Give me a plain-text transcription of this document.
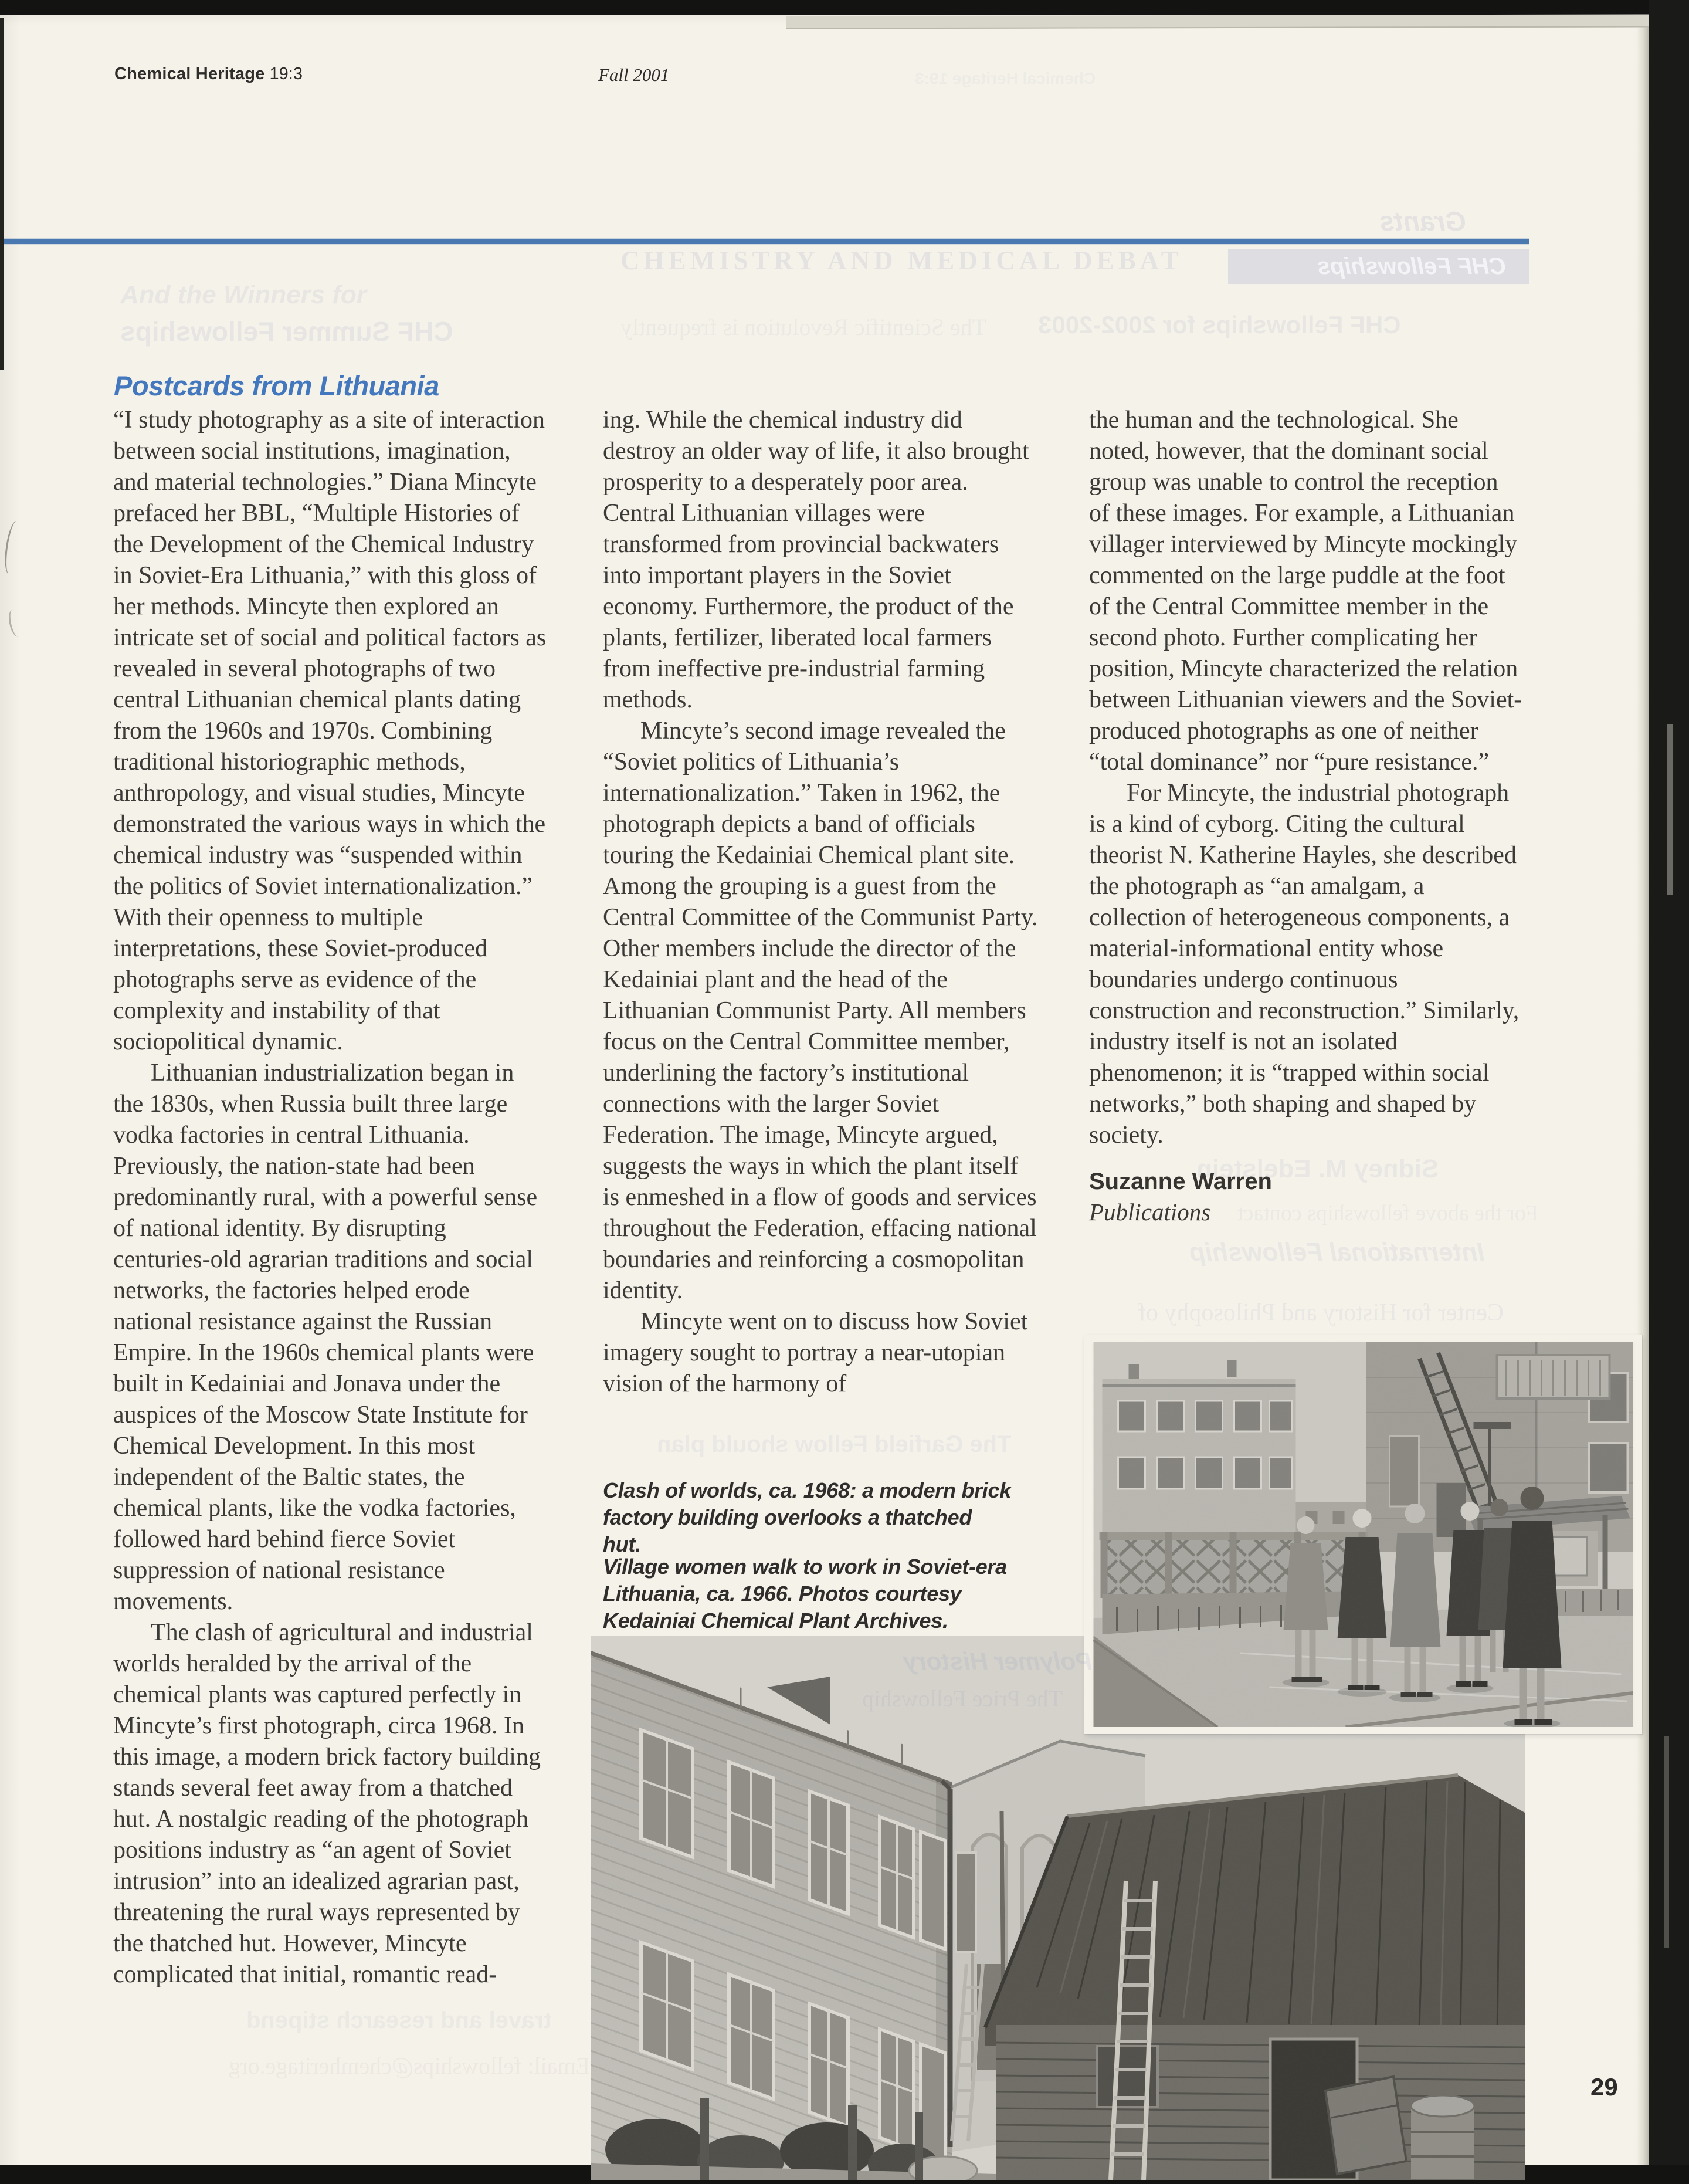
Chemical Heritage 19:3	Fall 2001	Chemical Heritage 19:3
And the Winners for
CHF Summer Fellowships
Grants
CHEMISTRY AND MEDICAL DEBAT	CHF Fellowships
CHF Fellowships for 2002-2003
The Scientific Revolution is frequently
Postcards from Lithuania

“I study photography as a site of interaction between social institutions, imagination, and material technologies.” Diana Mincyte prefaced her BBL, “Multiple Histories of the Development of the Chemical Industry in Soviet-Era Lithuania,” with this gloss of her methods. Mincyte then explored an intricate set of social and political factors as revealed in several photographs of two central Lithuanian chemical plants dating from the 1960s and 1970s. Combining traditional historiographic methods, anthropology, and visual studies, Mincyte demonstrated the various ways in which the chemical industry was “suspended within the politics of Soviet internationalization.” With their openness to multiple interpretations, these Soviet-produced photographs serve as evidence of the complexity and instability of that sociopolitical dynamic.

Lithuanian industrialization began in the 1830s, when Russia built three large vodka factories in central Lithuania. Previously, the nation-state had been predominantly rural, with a powerful sense of national identity. By disrupting centuries-old agrarian traditions and social networks, the factories helped erode national resistance against the Russian Empire. In the 1960s chemical plants were built in Kedainiai and Jonava under the auspices of the Moscow State Institute for Chemical Development. In this most independent of the Baltic states, the chemical plants, like the vodka factories, followed hard behind fierce Soviet suppression of national resistance movements.

The clash of agricultural and industrial worlds heralded by the arrival of the chemical plants was captured perfectly in Mincyte’s first photograph, circa 1968. In this image, a modern brick factory building stands several feet away from a thatched hut. A nostalgic reading of the photograph positions industry as “an agent of Soviet intrusion” into an idealized agrarian past, threatening the rural ways represented by the thatched hut. However, Mincyte complicated that initial, romantic read-

ing. While the chemical industry did destroy an older way of life, it also brought prosperity to a desperately poor area. Central Lithuanian villages were transformed from provincial backwaters into important players in the Soviet economy. Furthermore, the product of the plants, fertilizer, liberated local farmers from ineffective pre-industrial farming methods.

Mincyte’s second image revealed the “Soviet politics of Lithuania’s internationalization.” Taken in 1962, the photograph depicts a band of officials touring the Kedainiai Chemical plant site. Among the grouping is a guest from the Central Committee of the Communist Party. Other members include the director of the Kedainiai plant and the head of the Lithuanian Communist Party. All members focus on the Central Committee member, underlining the factory’s institutional connections with the larger Soviet Federation. The image, Mincyte argued, suggests the ways in which the plant itself is enmeshed in a flow of goods and services throughout the Federation, effacing national boundaries and reinforcing a cosmopolitan identity.

Mincyte went on to discuss how Soviet imagery sought to portray a near-utopian vision of the harmony of

the human and the technological. She noted, however, that the dominant social group was unable to control the reception of these images. For example, a Lithuanian villager interviewed by Mincyte mockingly commented on the large puddle at the foot of the Central Committee member in the second photo. Further complicating her position, Mincyte characterized the relation between Lithuanian viewers and the Soviet-produced photographs as one of neither “total dominance” nor “pure resistance.”

For Mincyte, the industrial photograph is a kind of cyborg. Citing the cultural theorist N. Katherine Hayles, she described the photograph as “an amalgam, a collection of heterogeneous components, a material-informational entity whose boundaries undergo continuous construction and reconstruction.” Similarly, industry itself is not an isolated phenomenon; it is “trapped within social networks,” both shaping and shaped by society.

Suzanne Warren
Publications
Sidney M. Edelstein
For the above fellowships contact
International Fellowship
Center for History and Philosophy of
The Garfield Fellow should plan
travel and research stipend
Email: fellowships@chemheritage.org
Clash of worlds, ca. 1968: a modern brick factory building overlooks a thatched hut.
Village women walk to work in Soviet-era Lithuania, ca. 1966. Photos courtesy Kedainiai Chemical Plant Archives.
29
